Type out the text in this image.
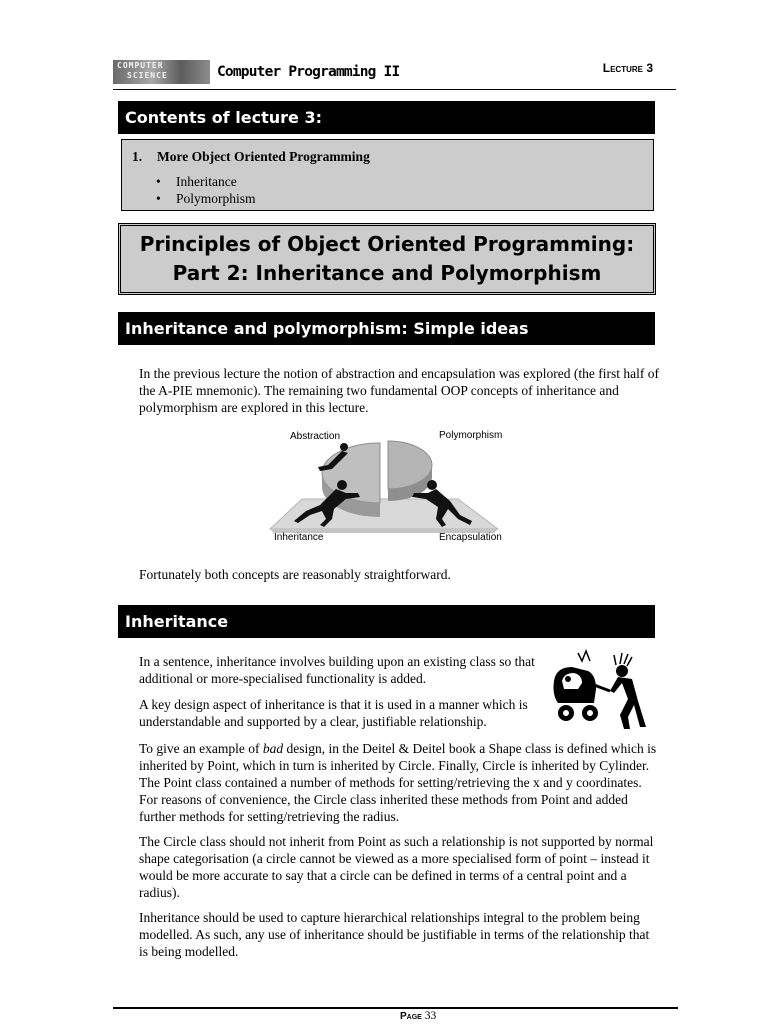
COMPUTER
SCIENCE	Computer Programming II	Lecture 3
Contents of lecture 3:
1. More Object Oriented Programming
• Inheritance
• Polymorphism
Principles of Object Oriented Programming:
Part 2: Inheritance and Polymorphism
Inheritance and polymorphism: Simple ideas
In the previous lecture the notion of abstraction and encapsulation was explored (the first half of the A-PIE mnemonic). The remaining two fundamental OOP concepts of inheritance and polymorphism are explored in this lecture.
Abstraction	Polymorphism
Inheritance	Encapsulation
Fortunately both concepts are reasonably straightforward.
Inheritance
In a sentence, inheritance involves building upon an existing class so that additional or more-specialised functionality is added.
A key design aspect of inheritance is that it is used in a manner which is understandable and supported by a clear, justifiable relationship.
To give an example of bad design, in the Deitel & Deitel book a Shape class is defined which is inherited by Point, which in turn is inherited by Circle. Finally, Circle is inherited by Cylinder. The Point class contained a number of methods for setting/retrieving the x and y coordinates. For reasons of convenience, the Circle class inherited these methods from Point and added further methods for setting/retrieving the radius.
The Circle class should not inherit from Point as such a relationship is not supported by normal shape categorisation (a circle cannot be viewed as a more specialised form of point – instead it would be more accurate to say that a circle can be defined in terms of a central point and a radius).
Inheritance should be used to capture hierarchical relationships integral to the problem being modelled. As such, any use of inheritance should be justifiable in terms of the relationship that is being modelled.
Page 33
